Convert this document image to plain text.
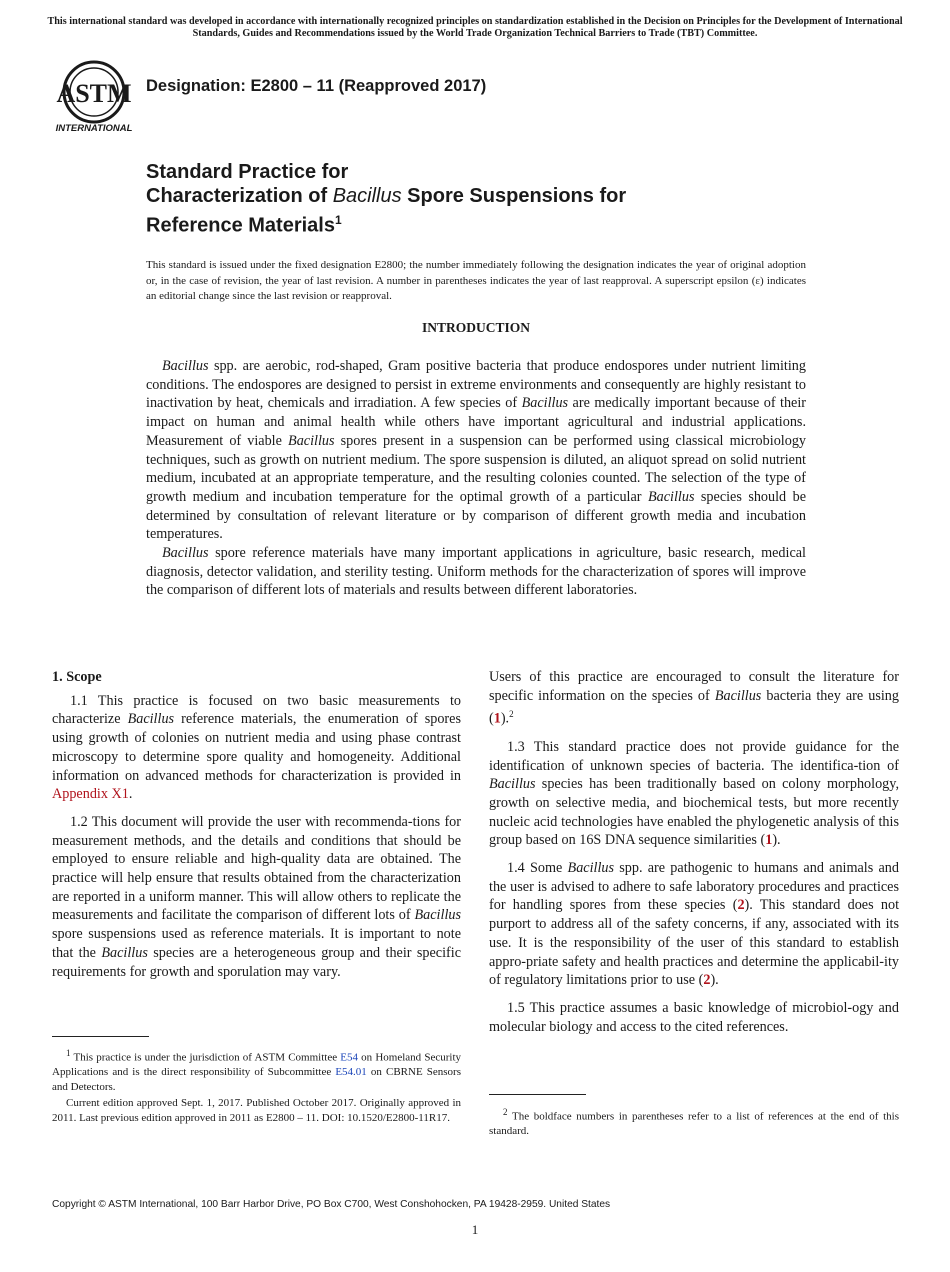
This international standard was developed in accordance with internationally recognized principles on standardization established in the Decision on Principles for the Development of International Standards, Guides and Recommendations issued by the World Trade Organization Technical Barriers to Trade (TBT) Committee.
ASTM
INTERNATIONAL
Designation: E2800 – 11 (Reapproved 2017)
Standard Practice for
Characterization of Bacillus Spore Suspensions for
Reference Materials$^1$
This standard is issued under the fixed designation E2800; the number immediately following the designation indicates the year of original adoption or, in the case of revision, the year of last revision. A number in parentheses indicates the year of last reapproval. A superscript epsilon (ε) indicates an editorial change since the last revision or reapproval.
INTRODUCTION

Bacillus spp. are aerobic, rod-shaped, Gram positive bacteria that produce endospores under nutrient limiting conditions. The endospores are designed to persist in extreme environments and consequently are highly resistant to inactivation by heat, chemicals and irradiation. A few species of Bacillus are medically important because of their impact on human and animal health while others have important agricultural and industrial applications. Measurement of viable Bacillus spores present in a suspension can be performed using classical microbiology techniques, such as growth on nutrient medium. The spore suspension is diluted, an aliquot spread on solid nutrient medium, incubated at an appropriate temperature, and the resulting colonies counted. The selection of the type of growth medium and incubation temperature for the optimal growth of a particular Bacillus species should be determined by consultation of relevant literature or by comparison of different growth media and incubation temperatures.

Bacillus spore reference materials have many important applications in agriculture, basic research, medical diagnosis, detector validation, and sterility testing. Uniform methods for the characterization of spores will improve the comparison of different lots of materials and results between different laboratories.

1. Scope

1.1 This practice is focused on two basic measurements to characterize Bacillus reference materials, the enumeration of spores using growth of colonies on nutrient media and using phase contrast microscopy to determine spore quality and homogeneity. Additional information on advanced methods for characterization is provided in Appendix X1.

1.2 This document will provide the user with recommenda-tions for measurement methods, and the details and conditions that should be employed to ensure reliable and high-quality data are obtained. The practice will help ensure that results obtained from the characterization are reported in a uniform manner. This will allow others to replicate the measurements and facilitate the comparison of different lots of Bacillus spore suspensions used as reference materials. It is important to note that the Bacillus species are a heterogeneous group and their specific requirements for growth and sporulation may vary.

Users of this practice are encouraged to consult the literature for specific information on the species of Bacillus bacteria they are using (1).$^2$

1.3 This standard practice does not provide guidance for the identification of unknown species of bacteria. The identifica-tion of Bacillus species has been traditionally based on colony morphology, growth on selective media, and biochemical tests, but more recently nucleic acid technologies have enabled the phylogenetic analysis of this group based on 16S DNA sequence similarities (1).

1.4 Some Bacillus spp. are pathogenic to humans and animals and the user is advised to adhere to safe laboratory procedures and practices for handling spores from these species (2). This standard does not purport to address all of the safety concerns, if any, associated with its use. It is the responsibility of the user of this standard to establish appro-priate safety and health practices and determine the applicabil-ity of regulatory limitations prior to use (2).

1.5 This practice assumes a basic knowledge of microbiol-ogy and molecular biology and access to the cited references.

$^1$ This practice is under the jurisdiction of ASTM Committee E54 on Homeland Security Applications and is the direct responsibility of Subcommittee E54.01 on CBRNE Sensors and Detectors.

Current edition approved Sept. 1, 2017. Published October 2017. Originally approved in 2011. Last previous edition approved in 2011 as E2800 – 11. DOI: 10.1520/E2800-11R17.

$^2$ The boldface numbers in parentheses refer to a list of references at the end of this standard.

Copyright © ASTM International, 100 Barr Harbor Drive, PO Box C700, West Conshohocken, PA 19428-2959. United States
1
